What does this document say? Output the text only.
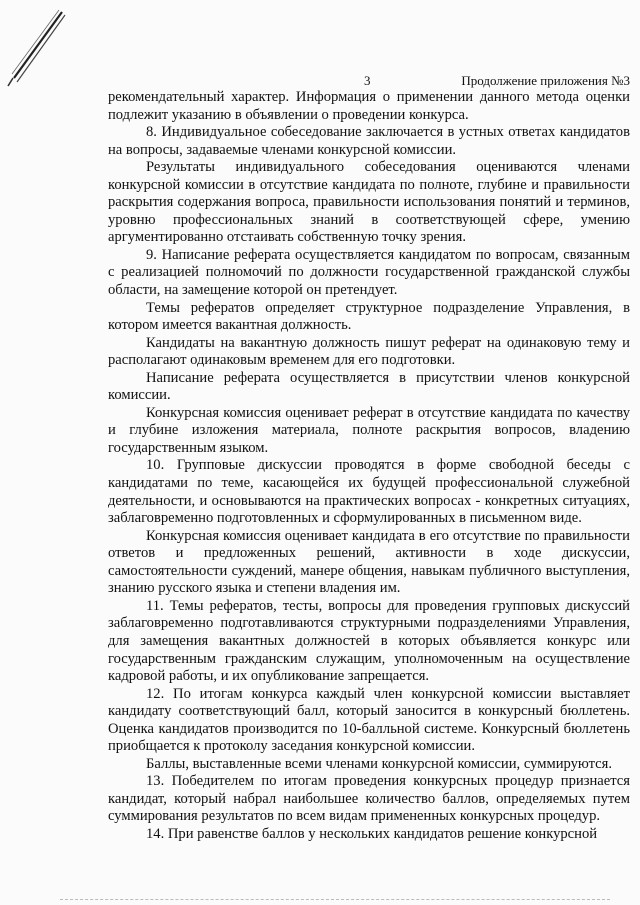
3	Продолжение приложения №3

рекомендательный характер. Информация о применении данного метода оценки подлежит указанию в объявлении о проведении конкурса.

8. Индивидуальное собеседование заключается в устных ответах кандидатов на вопросы, задаваемые членами конкурсной комиссии.

Результаты индивидуального собеседования оцениваются членами конкурсной комиссии в отсутствие кандидата по полноте, глубине и правильности раскрытия содержания вопроса, правильности использования понятий и терминов, уровню профессиональных знаний в соответствующей сфере, умению аргументированно отстаивать собственную точку зрения.

9. Написание реферата осуществляется кандидатом по вопросам, связанным с реализацией полномочий по должности государственной гражданской службы области, на замещение которой он претендует.

Темы рефератов определяет структурное подразделение Управления, в котором имеется вакантная должность.

Кандидаты на вакантную должность пишут реферат на одинаковую тему и располагают одинаковым временем для его подготовки.

Написание реферата осуществляется в присутствии членов конкурсной комиссии.

Конкурсная комиссия оценивает реферат в отсутствие кандидата по качеству и глубине изложения материала, полноте раскрытия вопросов, владению государственным языком.

10. Групповые дискуссии проводятся в форме свободной беседы с кандидатами по теме, касающейся их будущей профессиональной служебной деятельности, и основываются на практических вопросах - конкретных ситуациях, заблаговременно подготовленных и сформулированных в письменном виде.

Конкурсная комиссия оценивает кандидата в его отсутствие по правильности ответов и предложенных решений, активности в ходе дискуссии, самостоятельности суждений, манере общения, навыкам публичного выступления, знанию русского языка и степени владения им.

11. Темы рефератов, тесты, вопросы для проведения групповых дискуссий заблаговременно подготавливаются структурными подразделениями Управления, для замещения вакантных должностей в которых объявляется конкурс или государственным гражданским служащим, уполномоченным на осуществление кадровой работы, и их опубликование запрещается.

12. По итогам конкурса каждый член конкурсной комиссии выставляет кандидату соответствующий балл, который заносится в конкурсный бюллетень. Оценка кандидатов производится по 10-балльной системе. Конкурсный бюллетень приобщается к протоколу заседания конкурсной комиссии.

Баллы, выставленные всеми членами конкурсной комиссии, суммируются.

13. Победителем по итогам проведения конкурсных процедур признается кандидат, который набрал наибольшее количество баллов, определяемых путем суммирования результатов по всем видам примененных конкурсных процедур.

14. При равенстве баллов у нескольких кандидатов решение конкурсной
